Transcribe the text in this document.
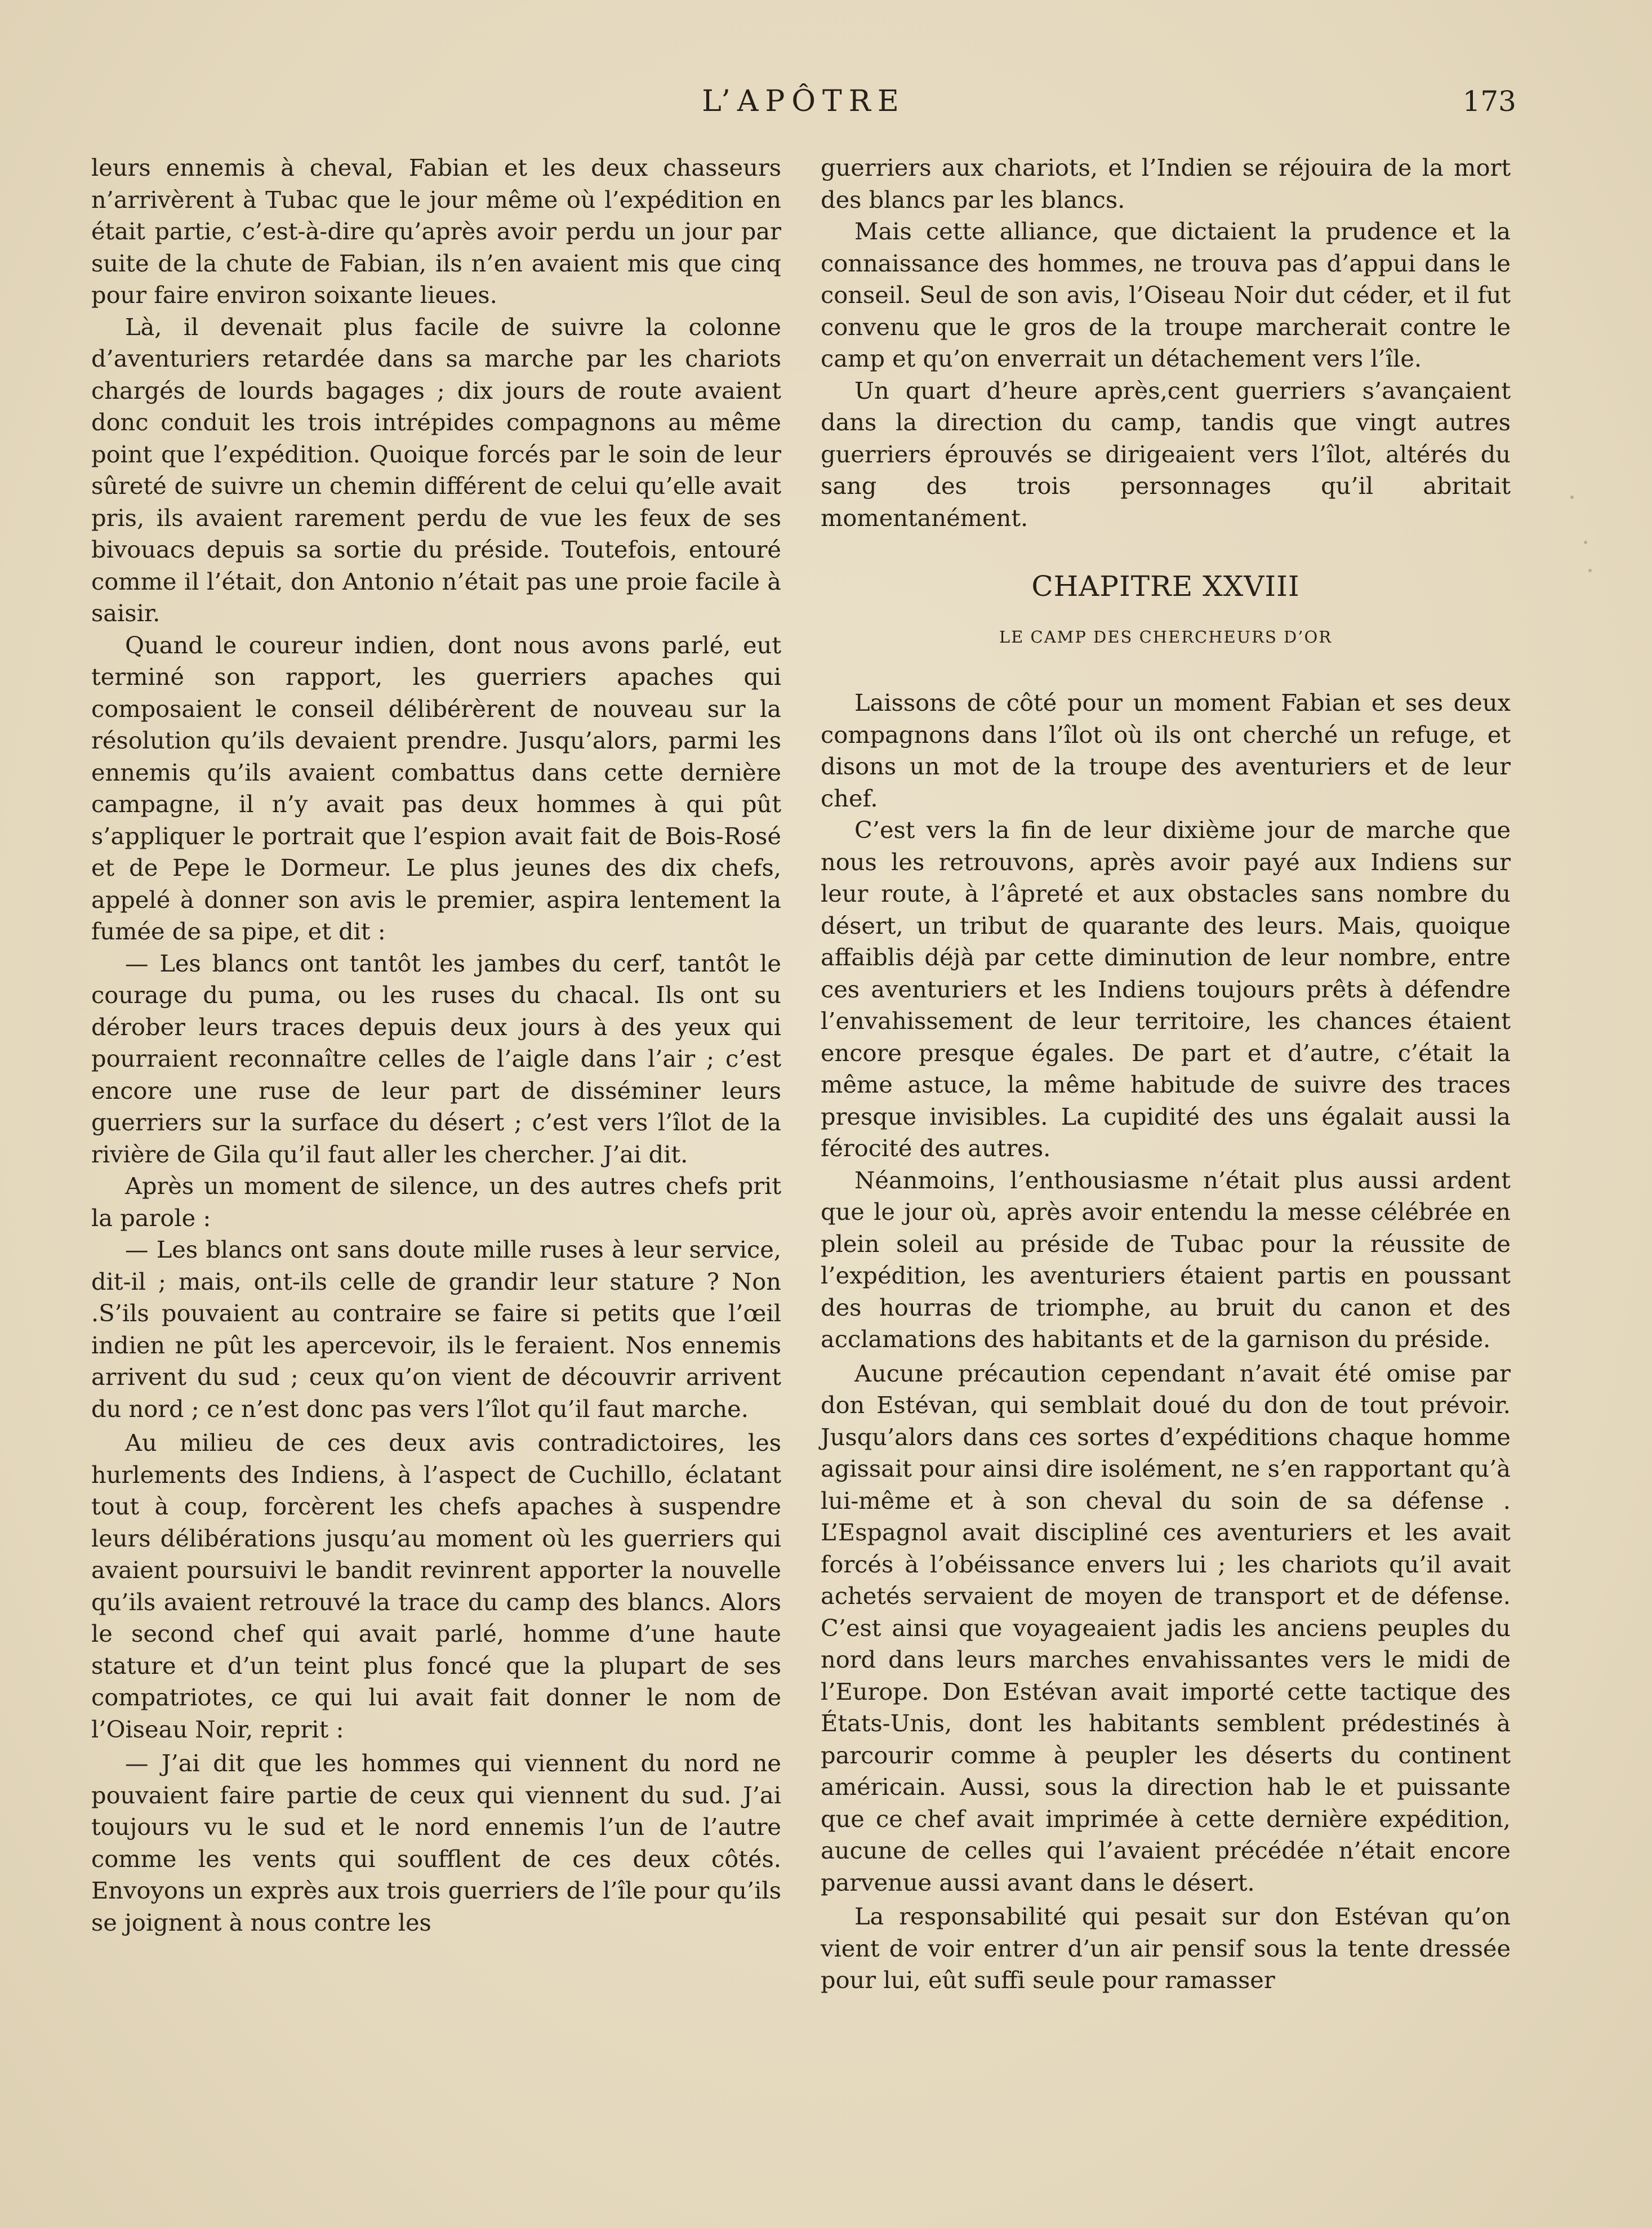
L’APÔTRE	173

leurs ennemis à cheval, Fabian et les deux chasseurs n’arrivèrent à Tubac que le jour même où l’expédition en était partie, c’est-à-dire qu’après avoir perdu un jour par suite de la chute de Fabian, ils n’en avaient mis que cinq pour faire environ soixante lieues.

Là, il devenait plus facile de suivre la colonne d’aventuriers retardée dans sa marche par les chariots chargés de lourds bagages ; dix jours de route avaient donc conduit les trois intrépides compagnons au même point que l’expédition. Quoique forcés par le soin de leur sûreté de suivre un chemin différent de celui qu’elle avait pris, ils avaient rarement perdu de vue les feux de ses bivouacs depuis sa sortie du préside. Toutefois, entouré comme il l’était, don Antonio n’était pas une proie facile à saisir.

Quand le coureur indien, dont nous avons parlé, eut terminé son rapport, les guerriers apaches qui composaient le conseil délibérèrent de nouveau sur la résolution qu’ils devaient prendre. Jusqu’alors, parmi les ennemis qu’ils avaient combattus dans cette dernière campagne, il n’y avait pas deux hommes à qui pût s’appliquer le portrait que l’espion avait fait de Bois-Rosé et de Pepe le Dormeur. Le plus jeunes des dix chefs, appelé à donner son avis le premier, aspira lentement la fumée de sa pipe, et dit :

— Les blancs ont tantôt les jambes du cerf, tantôt le courage du puma, ou les ruses du chacal. Ils ont su dérober leurs traces depuis deux jours à des yeux qui pourraient reconnaître celles de l’aigle dans l’air ; c’est encore une ruse de leur part de disséminer leurs guerriers sur la surface du désert ; c’est vers l’îlot de la rivière de Gila qu’il faut aller les chercher. J’ai dit.

Après un moment de silence, un des autres chefs prit la parole :

— Les blancs ont sans doute mille ruses à leur service, dit-il ; mais, ont-ils celle de grandir leur stature ? Non .S’ils pouvaient au contraire se faire si petits que l’œil indien ne pût les apercevoir, ils le feraient. Nos ennemis arrivent du sud ; ceux qu’on vient de découvrir arrivent du nord ; ce n’est donc pas vers l’îlot qu’il faut marche.

Au milieu de ces deux avis contradictoires, les hurlements des Indiens, à l’aspect de Cuchillo, éclatant tout à coup, forcèrent les chefs apaches à suspendre leurs délibérations jusqu’au moment où les guerriers qui avaient poursuivi le bandit revinrent apporter la nouvelle qu’ils avaient retrouvé la trace du camp des blancs. Alors le second chef qui avait parlé, homme d’une haute stature et d’un teint plus foncé que la plupart de ses compatriotes, ce qui lui avait fait donner le nom de l’Oiseau Noir, reprit :

— J’ai dit que les hommes qui viennent du nord ne pouvaient faire partie de ceux qui viennent du sud. J’ai toujours vu le sud et le nord ennemis l’un de l’autre comme les vents qui soufflent de ces deux côtés. Envoyons un exprès aux trois guerriers de l’île pour qu’ils se joignent à nous contre les

guerriers aux chariots, et l’Indien se réjouira de la mort des blancs par les blancs.

Mais cette alliance, que dictaient la prudence et la connaissance des hommes, ne trouva pas d’appui dans le conseil. Seul de son avis, l’Oiseau Noir dut céder, et il fut convenu que le gros de la troupe marcherait contre le camp et qu’on enverrait un détachement vers l’île.

Un quart d’heure après,cent guerriers s’avançaient dans la direction du camp, tandis que vingt autres guerriers éprouvés se dirigeaient vers l’îlot, altérés du sang des trois personnages qu’il abritait momentanément.

CHAPITRE XXVIII
LE CAMP DES CHERCHEURS D’OR

Laissons de côté pour un moment Fabian et ses deux compagnons dans l’îlot où ils ont cherché un refuge, et disons un mot de la troupe des aventuriers et de leur chef.

C’est vers la fin de leur dixième jour de marche que nous les retrouvons, après avoir payé aux Indiens sur leur route, à l’âpreté et aux obstacles sans nombre du désert, un tribut de quarante des leurs. Mais, quoique affaiblis déjà par cette diminution de leur nombre, entre ces aventuriers et les Indiens toujours prêts à défendre l’envahissement de leur territoire, les chances étaient encore presque égales. De part et d’autre, c’était la même astuce, la même habitude de suivre des traces presque invisibles. La cupidité des uns égalait aussi la férocité des autres.

Néanmoins, l’enthousiasme n’était plus aussi ardent que le jour où, après avoir entendu la messe célébrée en plein soleil au préside de Tubac pour la réussite de l’expédition, les aventuriers étaient partis en poussant des hourras de triomphe, au bruit du canon et des acclamations des habitants et de la garnison du préside.

Aucune précaution cependant n’avait été omise par don Estévan, qui semblait doué du don de tout prévoir. Jusqu’alors dans ces sortes d’expéditions chaque homme agissait pour ainsi dire isolément, ne s’en rapportant qu’à lui-même et à son cheval du soin de sa défense . L’Espagnol avait discipliné ces aventuriers et les avait forcés à l’obéissance envers lui ; les chariots qu’il avait achetés servaient de moyen de transport et de défense. C’est ainsi que voyageaient jadis les anciens peuples du nord dans leurs marches envahissantes vers le midi de l’Europe. Don Estévan avait importé cette tactique des États-Unis, dont les habitants semblent prédestinés à parcourir comme à peupler les déserts du continent américain. Aussi, sous la direction hab le et puissante que ce chef avait imprimée à cette dernière expédition, aucune de celles qui l’avaient précédée n’était encore parvenue aussi avant dans le désert.

La responsabilité qui pesait sur don Estévan qu’on vient de voir entrer d’un air pensif sous la tente dressée pour lui, eût suffi seule pour ramasser
